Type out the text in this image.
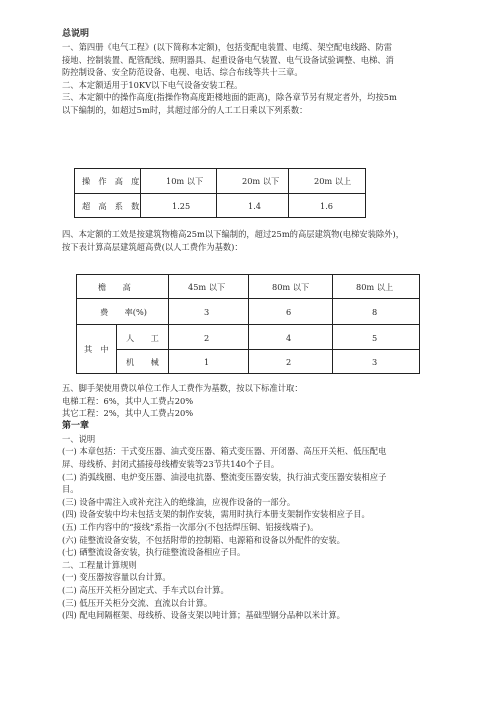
总说明
一、第四册《电气工程》(以下简称本定额)，包括变配电装置、电缆、架空配电线路、防雷
接地、控制装置、配管配线、照明器具、起重设备电气装置、电气设备试验调整、电梯、消
防控制设备、安全防范设备、电视、电话、综合布线等共十三章。
二、本定额适用于10KV以下电气设备安装工程。
三、本定额中的操作高度(指操作物高度距楼地面的距离)，除各章节另有规定者外，均按5m
以下编制的，如超过5m时，其超过部分的人工工日乘以下列系数：
操　作　高　度	10m 以下	20m 以下	20m 以上
超　高　系　数	1.25	1.4	1.6
四、本定额的工效是按建筑物檐高25m以下编制的，超过25m的高层建筑物(电梯安装除外)，
按下表计算高层建筑超高费(以人工费作为基数)：
檐　　高	45m 以下	80m 以下	80m 以上
费　　率(%)	3	6	8
其　中
人　　工	2	4	5
机　　械	1	2	3
五、脚手架使用费以单位工作人工费作为基数，按以下标准计取：
电梯工程：6%，其中人工费占20%
其它工程：2%，其中人工费占20%
第一章
一、说明
(一) 本章包括：干式变压器、油式变压器、箱式变压器、开闭器、高压开关柜、低压配电
屏、母线桥、封闭式插接母线槽安装等23节共140个子目。
(二) 消弧线圈、电炉变压器、油浸电抗器、整流变压器安装，执行油式变压器安装相应子
目。
(三) 设备中需注入或补充注入的绝缘油，应视作设备的一部分。
(四) 设备安装中均未包括支架的制作安装，需用时执行本册支架制作安装相应子目。
(五) 工作内容中的“接线”系指一次部分(不包括焊压铜、铝接线端子)。
(六) 硅整流设备安装，不包括附带的控制箱、电源箱和设备以外配件的安装。
(七) 硒整流设备安装，执行硅整流设备相应子目。
二、工程量计算规则
(一) 变压器按容量以台计算。
(二) 高压开关柜分固定式、手车式以台计算。
(三) 低压开关柜分交流、直流以台计算。
(四) 配电间隔框架、母线桥、设备支架以吨计算；基础型钢分品种以米计算。
